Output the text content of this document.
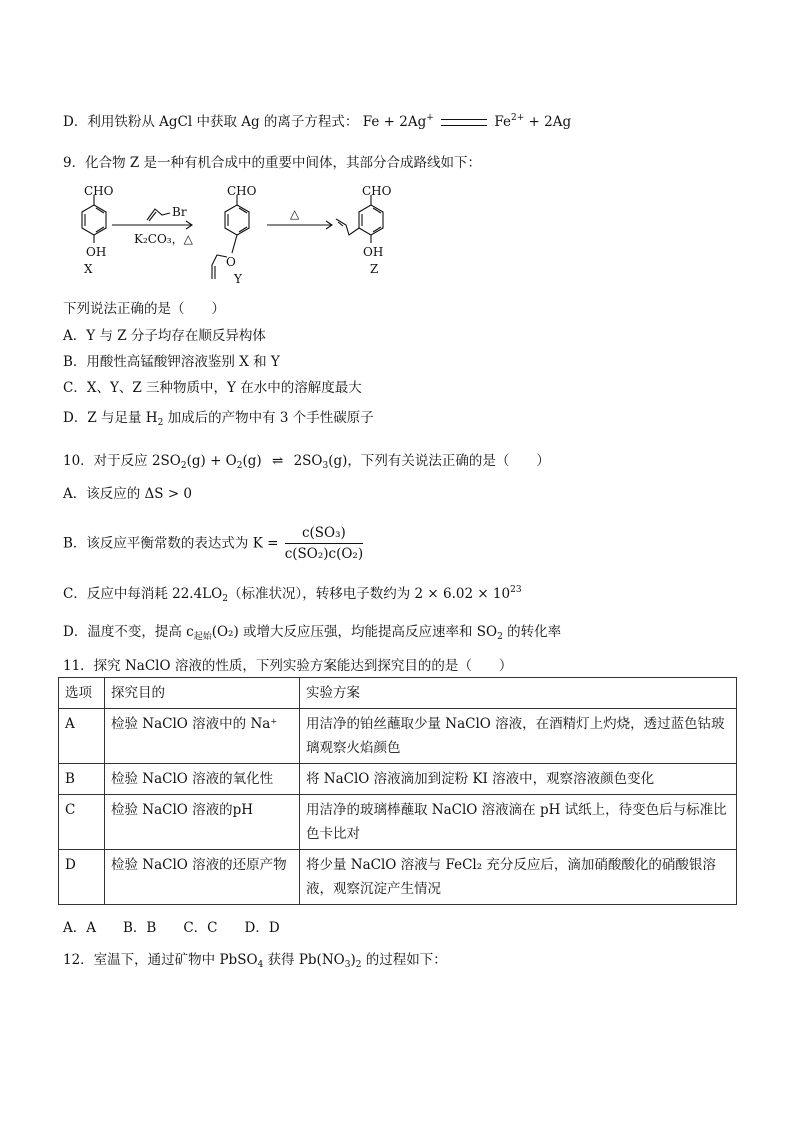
D．利用铁粉从 AgCl 中获取 Ag 的离子方程式： Fe + 2Ag+	$Fe^{2+} + 2Ag$
9．化合物 Z 是一种有机合成中的重要中间体，其部分合成路线如下：
CHO
OH
X
Br
K₂CO₃，△
CHO
O
Y
△
CHO
OH
Z
下列说法正确的是（　　）
A．Y 与 Z 分子均存在顺反异构体
B．用酸性高锰酸钾溶液鉴别 X 和 Y
C．X、Y、Z 三种物质中，Y 在水中的溶解度最大
D．Z 与足量 $H_2$ 加成后的产物中有 3 个手性碳原子
10．对于反应 $2SO_2(g) + O_2(g)$ ⇌ $2SO_3(g)$，下列有关说法正确的是（　　）
A．该反应的 ΔS > 0
B．该反应平衡常数的表达式为 $K = \frac{\text{c(SO₃)}}{\text{c(SO₂)c(O₂)}}$
C．反应中每消耗 $22.4LO_2$（标准状况），转移电子数约为 $2 \times 6.02 \times 10^{23}$
D．温度不变，提高 $c_{起始}(O_2)$ 或增大反应压强，均能提高反应速率和 $SO_2$ 的转化率
11．探究 NaClO 溶液的性质，下列实验方案能达到探究目的的是（　　）
选项	探究目的	实验方案
A	检验 NaClO 溶液中的 Na⁺	用洁净的铂丝蘸取少量 NaClO 溶液，在酒精灯上灼烧，透过蓝色钴玻璃观察火焰颜色
B	检验 NaClO 溶液的氧化性	将 NaClO 溶液滴加到淀粉 KI 溶液中，观察溶液颜色变化
C	检验 NaClO 溶液的pH	用洁净的玻璃棒蘸取 NaClO 溶液滴在 pH 试纸上，待变色后与标准比色卡比对
D	检验 NaClO 溶液的还原产物	将少量 NaClO 溶液与 FeCl₂ 充分反应后，滴加硝酸酸化的硝酸银溶液，观察沉淀产生情况
A．A　　B．B　　C．C　　D．D
12．室温下，通过矿物中 PbSO$_4$ 获得 $Pb(NO_3)_2$ 的过程如下：
